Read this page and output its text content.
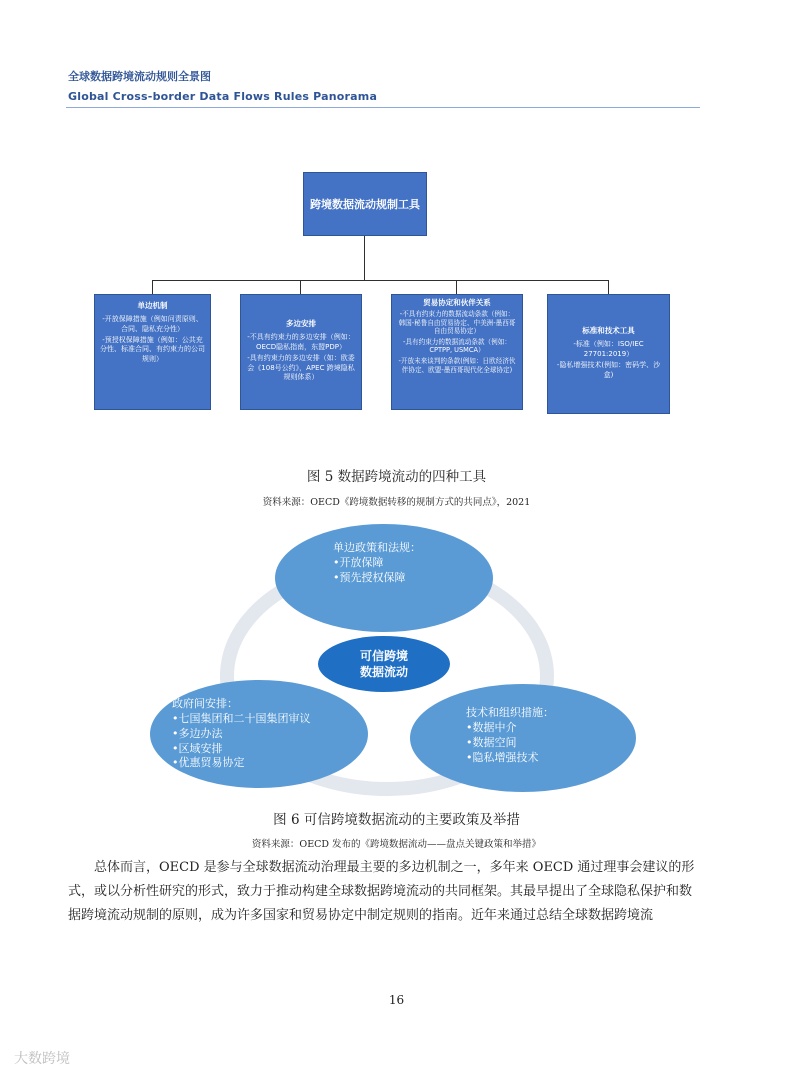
全球数据跨境流动规则全景图
Global Cross-border Data Flows Rules Panorama
跨境数据流动规制工具
单边机制
-开放保障措施（例如问责原则、合同、隐私充分性）
-预授权保障措施（例如：公共充分性、标准合同、有约束力的公司规则）
多边安排
-不具有约束力的多边安排（例如：OECD隐私指南，东盟PDP）
-具有约束力的多边安排（如：欧委会《108号公约》，APEC 跨境隐私规则体系）
贸易协定和伙伴关系
-不具有约束力的数据流动条款（例如：韩国-秘鲁自由贸易协定、中美洲-墨西哥自由贸易协定）
-具有约束力的数据流动条款（例如：CPTPP, USMCA）
-开放未来谈判的条款(例如：日欧经济伙伴协定、欧盟-墨西哥现代化全球协定)
标准和技术工具
-标准（例如：ISO/IEC 27701:2019）
-隐私增强技术(例如：密码学、沙盒)
图 5 数据跨境流动的四种工具
资料来源：OECD《跨境数据转移的规制方式的共同点》，2021
单边政策和法规：
•开放保障
•预先授权保障
政府间安排：
•七国集团和二十国集团审议
•多边办法
•区域安排
•优惠贸易协定
技术和组织措施：
•数据中介
•数据空间
•隐私增强技术
可信跨境
数据流动
图 6 可信跨境数据流动的主要政策及举措
资料来源：OECD 发布的《跨境数据流动——盘点关键政策和举措》

总体而言，OECD 是参与全球数据流动治理最主要的多边机制之一，多年来 OECD 通过理事会建议的形式，或以分析性研究的形式，致力于推动构建全球数据跨境流动的共同框架。其最早提出了全球隐私保护和数据跨境流动规制的原则，成为许多国家和贸易协定中制定规则的指南。近年来通过总结全球数据跨境流

16
大数跨境
